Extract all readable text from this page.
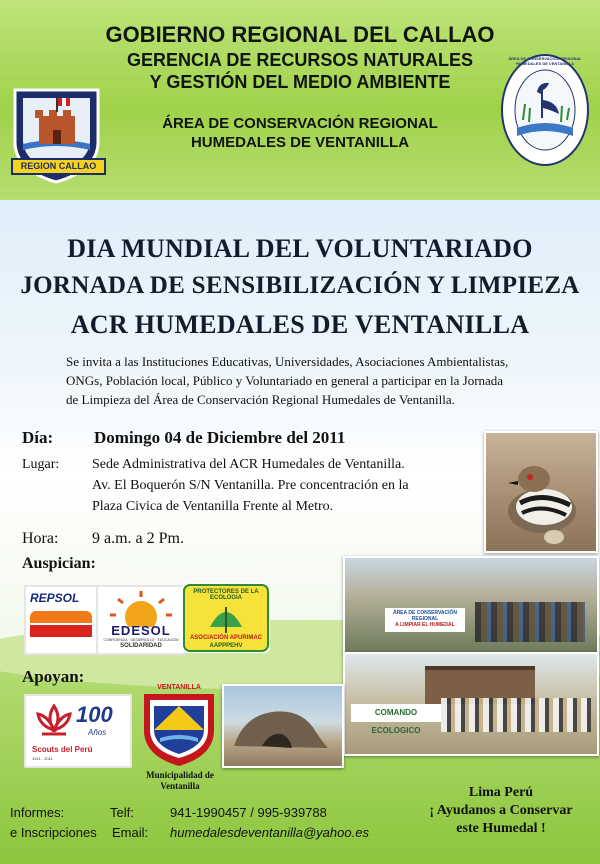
GOBIERNO REGIONAL DEL CALLAO
GERENCIA DE RECURSOS NATURALES
Y GESTIÓN DEL MEDIO AMBIENTE
ÁREA DE CONSERVACIÓN REGIONAL
HUMEDALES DE VENTANILLA
REGION CALLAO
ÁREA DE CONSERVACIÓN REGIONAL HUMEDALES DE VENTANILLA
DIA MUNDIAL DEL VOLUNTARIADO
JORNADA DE SENSIBILIZACIÓN Y LIMPIEZA
ACR HUMEDALES DE VENTANILLA
Se invita a las Instituciones Educativas, Universidades, Asociaciones Ambientalistas,
ONGs, Población local, Público y Voluntariado en general a participar en la Jornada
de Limpieza del Área de Conservación Regional Humedales de Ventanilla.
Día: Domingo 04 de Diciembre del 2011
Lugar: Sede Administrativa del ACR Humedales de Ventanilla.
Av. El Boquerón S/N Ventanilla. Pre concentración en la
Plaza Civica de Ventanilla Frente al Metro.
Hora: 9 a.m. a 2 Pm.
Auspician:
REPSOL
EDESOL
CONFIDENCIA · DESARROLLO · EDUCACIÓN
SOLIDARIDAD
PROTECTORES DE LA ECOLOGIA
ASOCIACIÓN APURIMAC
AAPPPEHV
ÁREA DE CONSERVACIÓN REGIONAL
A LIMPIAR EL HUMEDAL
COMANDO ECOLOGICO
Apoyan:
100
Años
Scouts del Perú
1911 - 2011
VENTANILLA
Municipalidad de
Ventanilla
Informes:	Telf:	941-1990457 / 995-939788
e Inscripciones Email: humedalesdeventanilla@yahoo.es
Lima Perú
¡ Ayudanos a Conservar
este Humedal !
